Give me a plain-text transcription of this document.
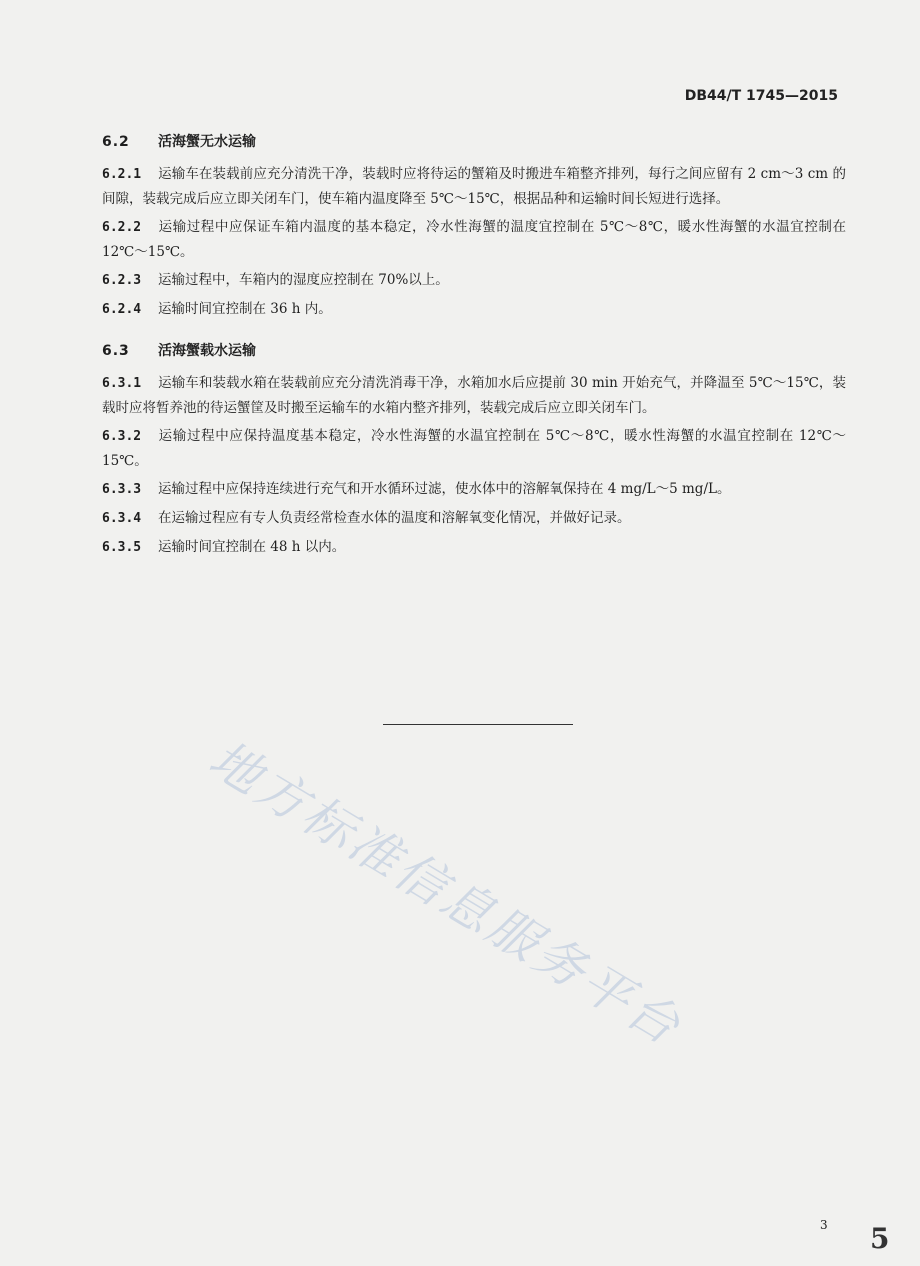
DB44/T 1745—2015
6.2 活海蟹无水运输

6.2.1 运输车在装载前应充分清洗干净，装载时应将待运的蟹箱及时搬进车箱整齐排列，每行之间应留有 2 cm～3 cm 的间隙，装载完成后应立即关闭车门，使车箱内温度降至 5℃～15℃，根据品种和运输时间长短进行选择。

6.2.2 运输过程中应保证车箱内温度的基本稳定，冷水性海蟹的温度宜控制在 5℃～8℃，暖水性海蟹的水温宜控制在 12℃～15℃。

6.2.3 运输过程中，车箱内的湿度应控制在 70%以上。

6.2.4 运输时间宜控制在 36 h 内。

6.3 活海蟹载水运输

6.3.1 运输车和装载水箱在装载前应充分清洗消毒干净，水箱加水后应提前 30 min 开始充气，并降温至 5℃～15℃，装载时应将暂养池的待运蟹筐及时搬至运输车的水箱内整齐排列，装载完成后应立即关闭车门。

6.3.2 运输过程中应保持温度基本稳定，冷水性海蟹的水温宜控制在 5℃～8℃，暖水性海蟹的水温宜控制在 12℃～15℃。

6.3.3 运输过程中应保持连续进行充气和开水循环过滤，使水体中的溶解氧保持在 4 mg/L～5 mg/L。

6.3.4 在运输过程应有专人负责经常检查水体的温度和溶解氧变化情况，并做好记录。

6.3.5 运输时间宜控制在 48 h 以内。

地方标准信息服务平台
3 5
